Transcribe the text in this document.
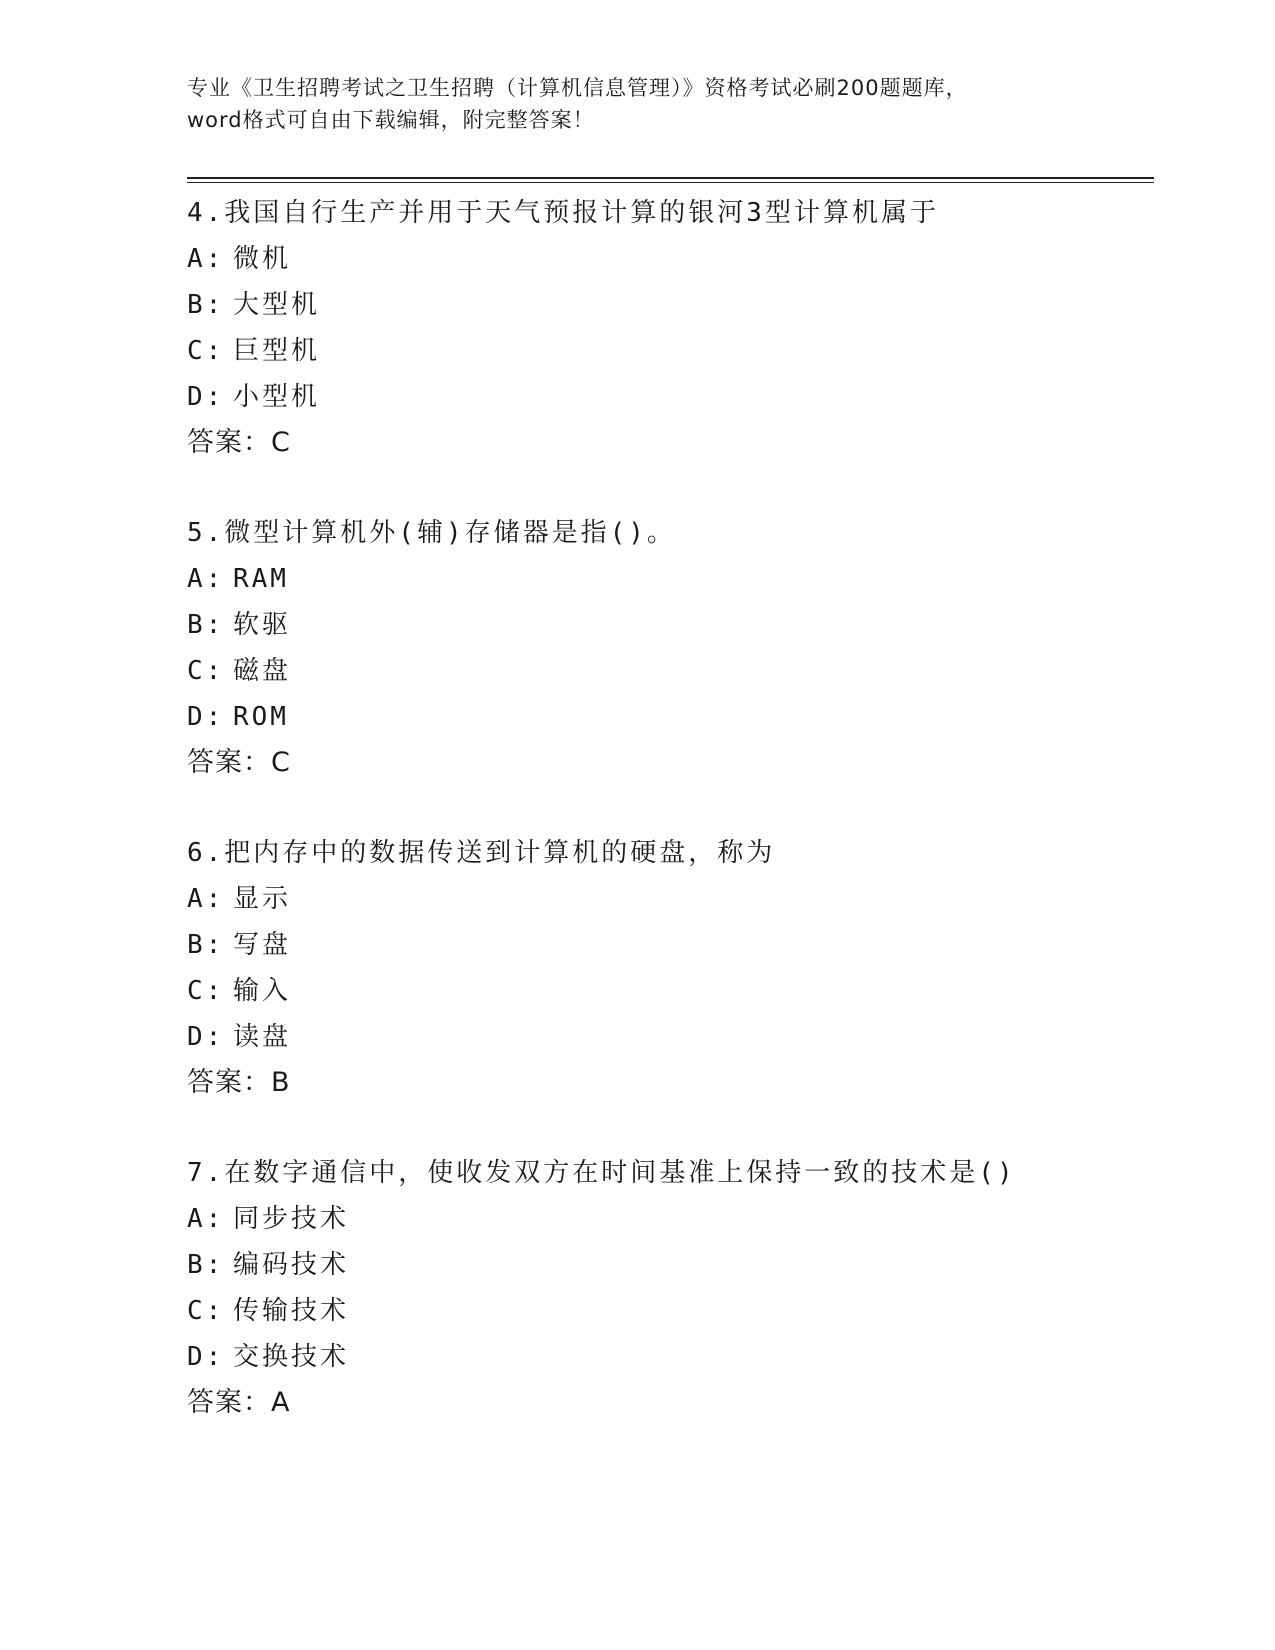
专业《卫生招聘考试之卫生招聘（计算机信息管理）》资格考试必刷200题题库，
word格式可自由下载编辑，附完整答案！
4.我国自行生产并用于天气预报计算的银河3型计算机属于
A: 微机
B: 大型机
C: 巨型机
D: 小型机
答案：C
5.微型计算机外(辅)存储器是指()。
A: RAM
B: 软驱
C: 磁盘
D: ROM
答案：C
6.把内存中的数据传送到计算机的硬盘，称为
A: 显示
B: 写盘
C: 输入
D: 读盘
答案：B
7.在数字通信中，使收发双方在时间基准上保持一致的技术是()
A: 同步技术
B: 编码技术
C: 传输技术
D: 交换技术
答案：A
